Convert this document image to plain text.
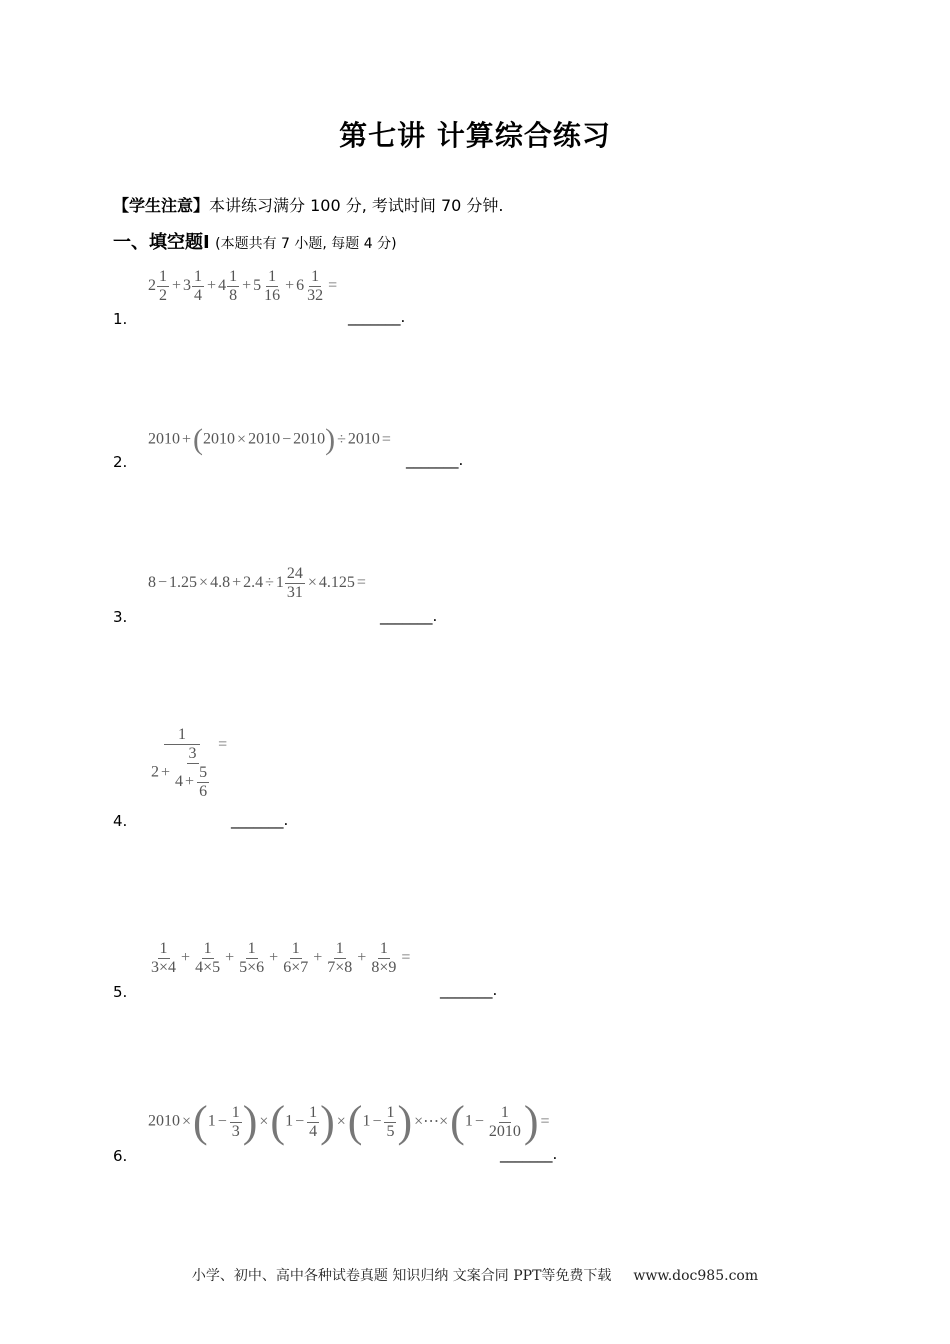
第七讲 计算综合练习
【学生注意】本讲练习满分 100 分, 考试时间 70 分钟.
一、填空题Ⅰ (本题共有 7 小题, 每题 4 分)
$2 \frac{1}{2} + 3 \frac{1}{4} + 4 \frac{1}{8} + 5 \frac{1}{16} + 6 \frac{1}{32}$ =
1.	_______.
2010 +(2010 × 2010 − 2010) ÷ 2010 =
2.	_______.
$8 - 1.25 \times 4.8 + 2.4 \div 1 \frac{24}{31} \times 4.125$ =
3.	_______.
$\frac{1}{2 + \frac{3}{4 + \frac{5}{6}}}$ =
4.	_______.
$\frac{1}{3\times 4} + \frac{1}{4\times 5} + \frac{1}{5\times 6} + \frac{1}{6\times 7} + \frac{1}{7\times 8} + \frac{1}{8\times 9}$ =
5.	_______.
$2010 \times(1 - \frac{1}{3}$ ) $\times(1 - \frac{1}{4}$ ) $\times(1 - \frac{1}{5}$ ) ×⋯×(1 − $\frac{1}{2010}$ ) =
6.	_______.
小学、初中、高中各种试卷真题 知识归纳 文案合同 PPT等免费下载 www.doc985.com
